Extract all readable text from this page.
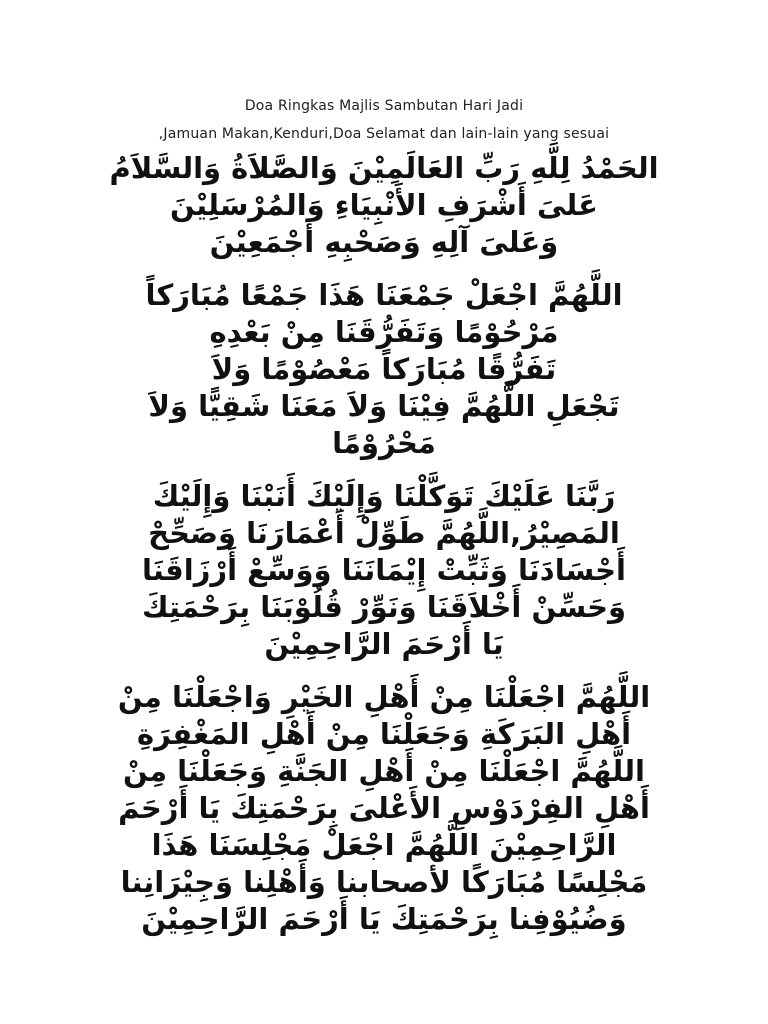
Doa Ringkas Majlis Sambutan Hari Jadi
,Jamuan Makan,Kenduri,Doa Selamat dan lain-lain yang sesuai
الحَمْدُ لِلَّهِ رَبِّ العَالَمِيْنَ وَالصَّلاَةُ وَالسَّلاَمُ
عَلىَ أَشْرَفِ الأَنْبِيَاءِ وَالمُرْسَلِيْنَ
وَعَلىَ آلِهِ وَصَحْبِهِ أَجْمَعِيْنَ
اللَّهُمَّ اجْعَلْ جَمْعَنَا هَذَا جَمْعًا مُبَارَكاً
مَرْحُوْمًا وَتَفَرُّقَنَا مِنْ بَعْدِهِ
تَفَرُّقًا مُبَارَكاً مَعْصُوْمًا وَلاَ
تَجْعَلِ اللَّهُمَّ فِيْنَا وَلاَ مَعَنَا شَقِيًّا وَلاَ
مَحْرُوْمًا
رَبَّنَا عَلَيْكَ تَوَكَّلْنَا وَإِلَيْكَ أَنَبْنَا وَإِلَيْكَ
المَصِيْرُ,اللَّهُمَّ طَوِّلْ أَعْمَارَنَا وَصَحِّحْ
أَجْسَادَنَا وَثَبِّتْ إِيْمَانَنَا وَوَسِّعْ أَرْزَاقَنَا
وَحَسِّنْ أَخْلاَقَنَا وَنَوِّرْ قُلُوْبَنَا بِرَحْمَتِكَ
يَا أَرْحَمَ الرَّاحِمِيْنَ
اللَّهُمَّ اجْعَلْنَا مِنْ أَهْلِ الخَيْرِ وَاجْعَلْنَا مِنْ
أَهْلِ البَرَكَةِ وَجَعَلْنَا مِنْ أَهْلِ المَغْفِرَةِ
اللَّهُمَّ اجْعَلْنَا مِنْ أَهْلِ الجَنَّةِ وَجَعَلْنَا مِنْ
أَهْلِ الفِرْدَوْسِ الأَعْلىَ بِرَحْمَتِكَ يَا أَرْحَمَ
الرَّاحِمِيْنَ اللَّهُمَّ اجْعَلْ مَجْلِسَنَا هَذَا
مَجْلِسًا مُبَارَكًا لأصحابنا وَأَهْلِنا وَجِيْرَانِنا
وَضُيُوْفِنا بِرَحْمَتِكَ يَا أَرْحَمَ الرَّاحِمِيْنَ
